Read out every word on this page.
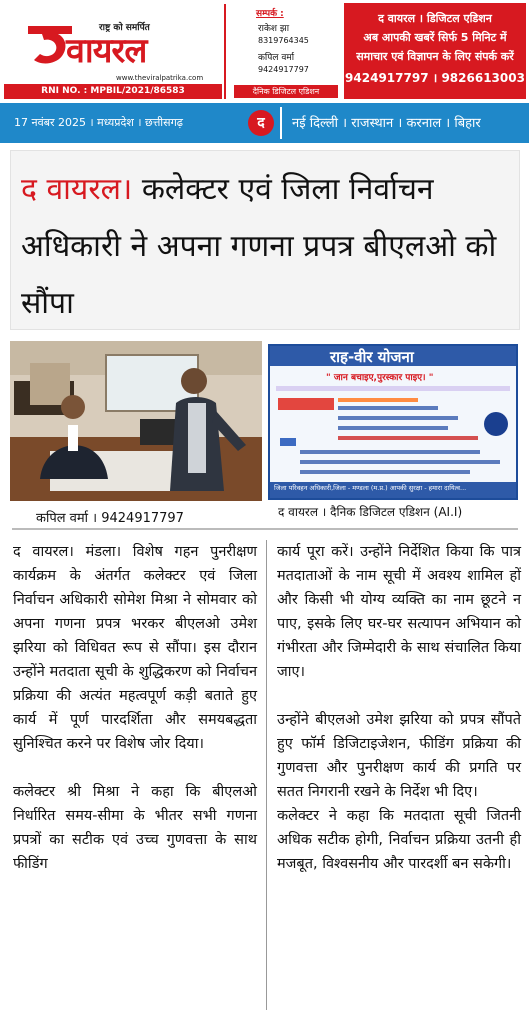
राष्ट्र को समर्पित
वायरल
www.theviralpatrika.com
RNI NO. : MPBIL/2021/86583
सम्पर्क :
राकेश झा
8319764345
कपिल वर्मा
9424917797
दैनिक डिजिटल एडिशन
द वायरल । डिजिटल एडिशन
अब आपकी खबरें सिर्फ 5 मिनिट में
समाचार एवं विज्ञापन के लिए संपर्क करें
9424917797 । 9826613003
17 नवंबर 2025 । मध्यप्रदेश । छत्तीसगढ़	द	नई दिल्ली । राजस्थान । करनाल । बिहार
द वायरल। कलेक्टर एवं जिला निर्वाचन अधिकारी ने अपना गणना प्रपत्र बीएलओ को सौंपा
कपिल वर्मा । 9424917797
राह-वीर योजना
" जान बचाइए,पुरस्कार पाइए। "
जिला परिवहन अधिकारी,जिला - मण्डला (म.प्र.) आपकी सुरक्षा - हमारा दायित्व...
द वायरल । दैनिक डिजिटल एडिशन (AI.I)

द वायरल। मंडला। विशेष गहन पुनरीक्षण कार्यक्रम के अंतर्गत कलेक्टर एवं जिला निर्वाचन अधिकारी सोमेश मिश्रा ने सोमवार को अपना गणना प्रपत्र भरकर बीएलओ उमेश झरिया को विधिवत रूप से सौंपा। इस दौरान उन्होंने मतदाता सूची के शुद्धिकरण को निर्वाचन प्रक्रिया की अत्यंत महत्वपूर्ण कड़ी बताते हुए कार्य में पूर्ण पारदर्शिता और समयबद्धता सुनिश्चित करने पर विशेष जोर दिया।

कलेक्टर श्री मिश्रा ने कहा कि बीएलओ निर्धारित समय-सीमा के भीतर सभी गणना प्रपत्रों का सटीक एवं उच्च गुणवत्ता के साथ फीडिंग

कार्य पूरा करें। उन्होंने निर्देशित किया कि पात्र मतदाताओं के नाम सूची में अवश्य शामिल हों और किसी भी योग्य व्यक्ति का नाम छूटने न पाए, इसके लिए घर-घर सत्यापन अभियान को गंभीरता और जिम्मेदारी के साथ संचालित किया जाए।

उन्होंने बीएलओ उमेश झरिया को प्रपत्र सौंपते हुए फॉर्म डिजिटाइजेशन, फीडिंग प्रक्रिया की गुणवत्ता और पुनरीक्षण कार्य की प्रगति पर सतत निगरानी रखने के निर्देश भी दिए।

कलेक्टर ने कहा कि मतदाता सूची जितनी अधिक सटीक होगी, निर्वाचन प्रक्रिया उतनी ही मजबूत, विश्वसनीय और पारदर्शी बन सकेगी।
